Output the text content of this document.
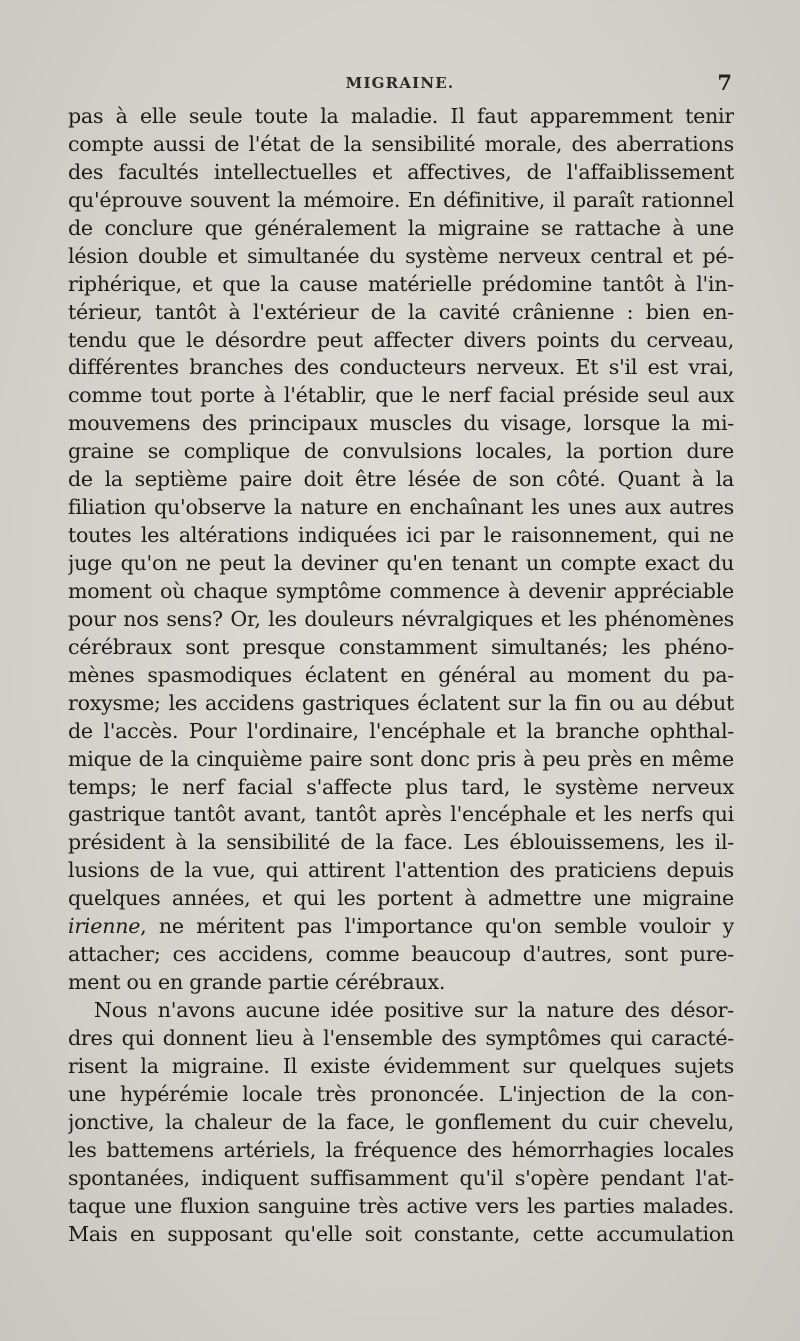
MIGRAINE.	7
pas à elle seule toute la maladie. Il faut apparemment tenir
compte aussi de l'état de la sensibilité morale, des aberrations
des facultés intellectuelles et affectives, de l'affaiblissement
qu'éprouve souvent la mémoire. En définitive, il paraît rationnel
de conclure que généralement la migraine se rattache à une
lésion double et simultanée du système nerveux central et pé-
riphérique, et que la cause matérielle prédomine tantôt à l'in-
térieur, tantôt à l'extérieur de la cavité crânienne : bien en-
tendu que le désordre peut affecter divers points du cerveau,
différentes branches des conducteurs nerveux. Et s'il est vrai,
comme tout porte à l'établir, que le nerf facial préside seul aux
mouvemens des principaux muscles du visage, lorsque la mi-
graine se complique de convulsions locales, la portion dure
de la septième paire doit être lésée de son côté. Quant à la
filiation qu'observe la nature en enchaînant les unes aux autres
toutes les altérations indiquées ici par le raisonnement, qui ne
juge qu'on ne peut la deviner qu'en tenant un compte exact du
moment où chaque symptôme commence à devenir appréciable
pour nos sens? Or, les douleurs névralgiques et les phénomènes
cérébraux sont presque constamment simultanés; les phéno-
mènes spasmodiques éclatent en général au moment du pa-
roxysme; les accidens gastriques éclatent sur la fin ou au début
de l'accès. Pour l'ordinaire, l'encéphale et la branche ophthal-
mique de la cinquième paire sont donc pris à peu près en même
temps; le nerf facial s'affecte plus tard, le système nerveux
gastrique tantôt avant, tantôt après l'encéphale et les nerfs qui
président à la sensibilité de la face. Les éblouissemens, les il-
lusions de la vue, qui attirent l'attention des praticiens depuis
quelques années, et qui les portent à admettre une migraine
irienne, ne méritent pas l'importance qu'on semble vouloir y
attacher; ces accidens, comme beaucoup d'autres, sont pure-
ment ou en grande partie cérébraux.
Nous n'avons aucune idée positive sur la nature des désor-
dres qui donnent lieu à l'ensemble des symptômes qui caracté-
risent la migraine. Il existe évidemment sur quelques sujets
une hypérémie locale très prononcée. L'injection de la con-
jonctive, la chaleur de la face, le gonflement du cuir chevelu,
les battemens artériels, la fréquence des hémorrhagies locales
spontanées, indiquent suffisamment qu'il s'opère pendant l'at-
taque une fluxion sanguine très active vers les parties malades.
Mais en supposant qu'elle soit constante, cette accumulation
